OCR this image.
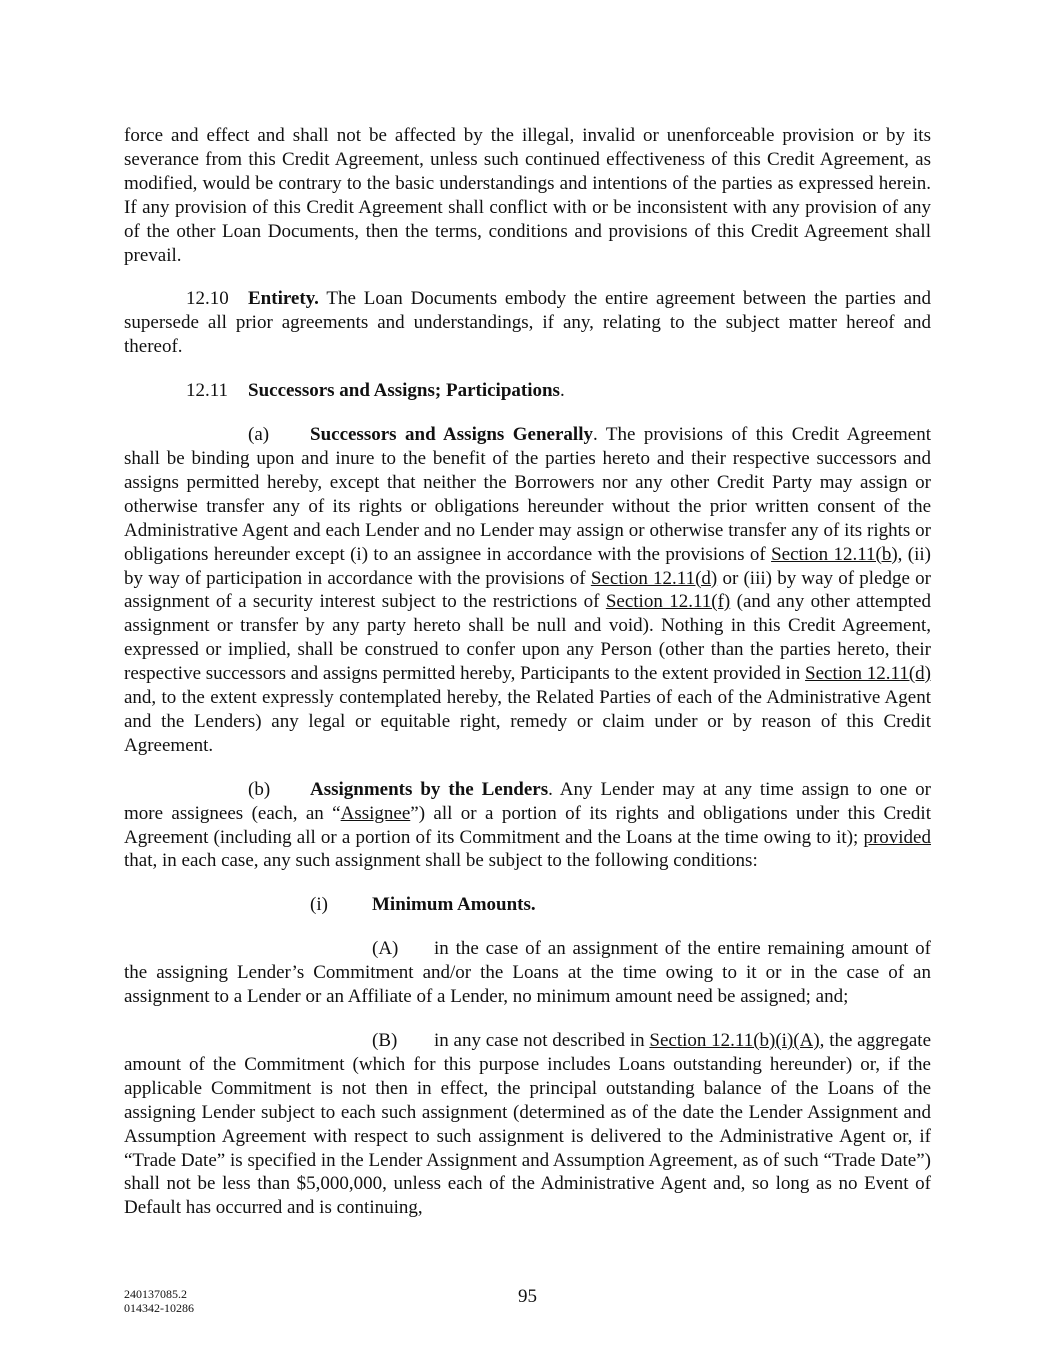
force and effect and shall not be affected by the illegal, invalid or unenforceable provision or by its severance from this Credit Agreement, unless such continued effectiveness of this Credit Agreement, as modified, would be contrary to the basic understandings and intentions of the parties as expressed herein. If any provision of this Credit Agreement shall conflict with or be inconsistent with any provision of any of the other Loan Documents, then the terms, conditions and provisions of this Credit Agreement shall prevail.

12.10 Entirety. The Loan Documents embody the entire agreement between the parties and supersede all prior agreements and understandings, if any, relating to the subject matter hereof and thereof.

12.11 Successors and Assigns; Participations.

(a) Successors and Assigns Generally. The provisions of this Credit Agreement shall be binding upon and inure to the benefit of the parties hereto and their respective successors and assigns permitted hereby, except that neither the Borrowers nor any other Credit Party may assign or otherwise transfer any of its rights or obligations hereunder without the prior written consent of the Administrative Agent and each Lender and no Lender may assign or otherwise transfer any of its rights or obligations hereunder except (i) to an assignee in accordance with the provisions of Section 12.11(b), (ii) by way of participation in accordance with the provisions of Section 12.11(d) or (iii) by way of pledge or assignment of a security interest subject to the restrictions of Section 12.11(f) (and any other attempted assignment or transfer by any party hereto shall be null and void). Nothing in this Credit Agreement, expressed or implied, shall be construed to confer upon any Person (other than the parties hereto, their respective successors and assigns permitted hereby, Participants to the extent provided in Section 12.11(d) and, to the extent expressly contemplated hereby, the Related Parties of each of the Administrative Agent and the Lenders) any legal or equitable right, remedy or claim under or by reason of this Credit Agreement.

(b) Assignments by the Lenders. Any Lender may at any time assign to one or more assignees (each, an “Assignee”) all or a portion of its rights and obligations under this Credit Agreement (including all or a portion of its Commitment and the Loans at the time owing to it); provided that, in each case, any such assignment shall be subject to the following conditions:

(i) Minimum Amounts.

(A) in the case of an assignment of the entire remaining amount of the assigning Lender’s Commitment and/or the Loans at the time owing to it or in the case of an assignment to a Lender or an Affiliate of a Lender, no minimum amount need be assigned; and;

(B) in any case not described in Section 12.11(b)(i)(A), the aggregate amount of the Commitment (which for this purpose includes Loans outstanding hereunder) or, if the applicable Commitment is not then in effect, the principal outstanding balance of the Loans of the assigning Lender subject to each such assignment (determined as of the date the Lender Assignment and Assumption Agreement with respect to such assignment is delivered to the Administrative Agent or, if “Trade Date” is specified in the Lender Assignment and Assumption Agreement, as of such “Trade Date”) shall not be less than $5,000,000, unless each of the Administrative Agent and, so long as no Event of Default has occurred and is continuing,

240137085.2
014342-10286
95
